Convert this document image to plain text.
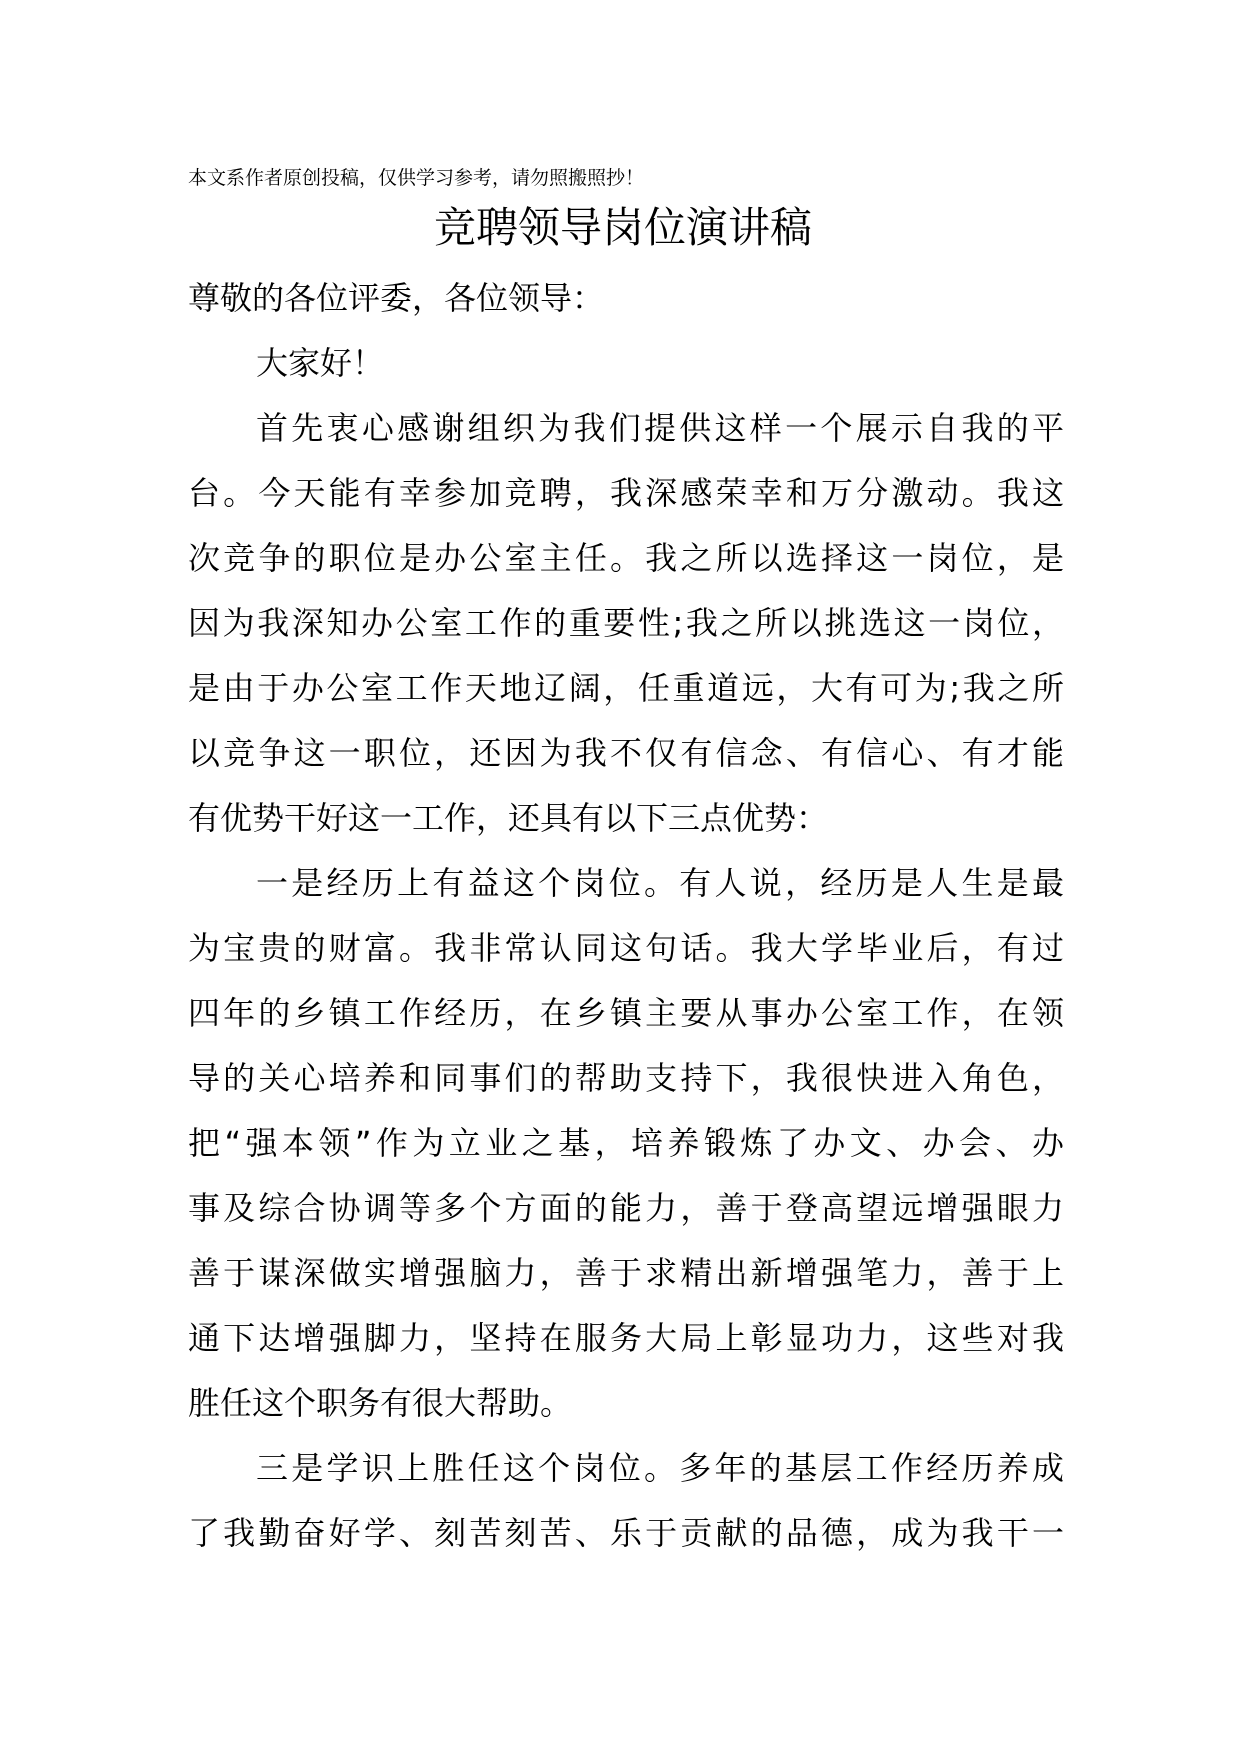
本文系作者原创投稿，仅供学习参考，请勿照搬照抄！
竞聘领导岗位演讲稿
尊敬的各位评委，各位领导：
大家好！
首先衷心感谢组织为我们提供这样一个展示自我的平
台。今天能有幸参加竞聘，我深感荣幸和万分激动。我这
次竞争的职位是办公室主任。我之所以选择这一岗位，是
因为我深知办公室工作的重要性;我之所以挑选这一岗位，
是由于办公室工作天地辽阔，任重道远，大有可为;我之所
以竞争这一职位，还因为我不仅有信念、有信心、有才能
有优势干好这一工作，还具有以下三点优势：
一是经历上有益这个岗位。有人说，经历是人生是最
为宝贵的财富。我非常认同这句话。我大学毕业后，有过
四年的乡镇工作经历，在乡镇主要从事办公室工作，在领
导的关心培养和同事们的帮助支持下，我很快进入角色，
把“强本领”作为立业之基，培养锻炼了办文、办会、办
事及综合协调等多个方面的能力，善于登高望远增强眼力
善于谋深做实增强脑力，善于求精出新增强笔力，善于上
通下达增强脚力，坚持在服务大局上彰显功力，这些对我
胜任这个职务有很大帮助。
三是学识上胜任这个岗位。多年的基层工作经历养成
了我勤奋好学、刻苦刻苦、乐于贡献的品德，成为我干一
